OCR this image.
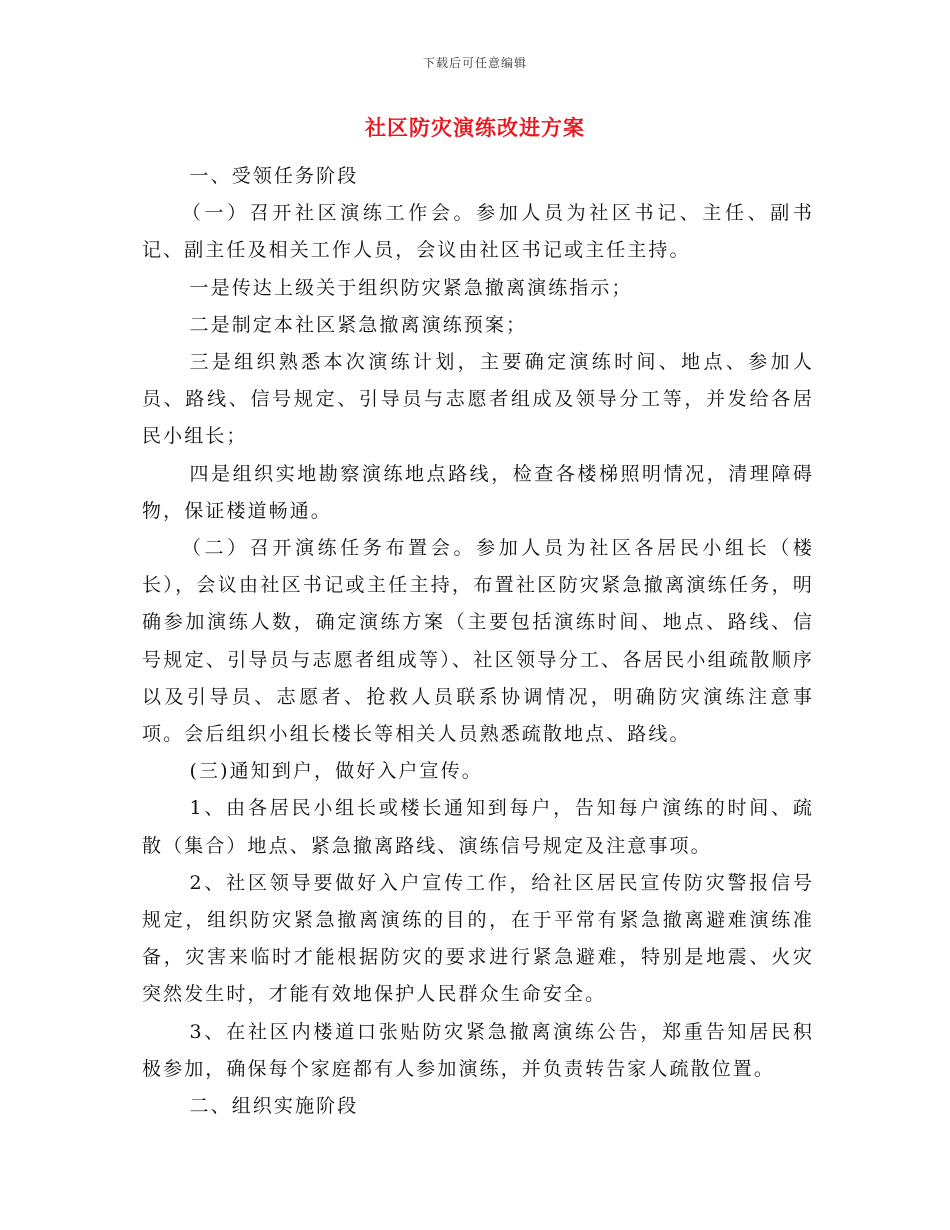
下载后可任意编辑
社区防灾演练改进方案

一、受领任务阶段

（一）召开社区演练工作会。参加人员为社区书记、主任、副书记、副主任及相关工作人员，会议由社区书记或主任主持。

一是传达上级关于组织防灾紧急撤离演练指示；

二是制定本社区紧急撤离演练预案；

三是组织熟悉本次演练计划，主要确定演练时间、地点、参加人员、路线、信号规定、引导员与志愿者组成及领导分工等，并发给各居民小组长；

四是组织实地勘察演练地点路线，检查各楼梯照明情况，清理障碍物，保证楼道畅通。

（二）召开演练任务布置会。参加人员为社区各居民小组长（楼长），会议由社区书记或主任主持，布置社区防灾紧急撤离演练任务，明确参加演练人数，确定演练方案（主要包括演练时间、地点、路线、信号规定、引导员与志愿者组成等）、社区领导分工、各居民小组疏散顺序以及引导员、志愿者、抢救人员联系协调情况，明确防灾演练注意事项。会后组织小组长楼长等相关人员熟悉疏散地点、路线。

(三)通知到户，做好入户宣传。

1、由各居民小组长或楼长通知到每户，告知每户演练的时间、疏散（集合）地点、紧急撤离路线、演练信号规定及注意事项。

2、社区领导要做好入户宣传工作，给社区居民宣传防灾警报信号规定，组织防灾紧急撤离演练的目的，在于平常有紧急撤离避难演练准备，灾害来临时才能根据防灾的要求进行紧急避难，特别是地震、火灾突然发生时，才能有效地保护人民群众生命安全。

3、在社区内楼道口张贴防灾紧急撤离演练公告，郑重告知居民积极参加，确保每个家庭都有人参加演练，并负责转告家人疏散位置。

二、组织实施阶段
